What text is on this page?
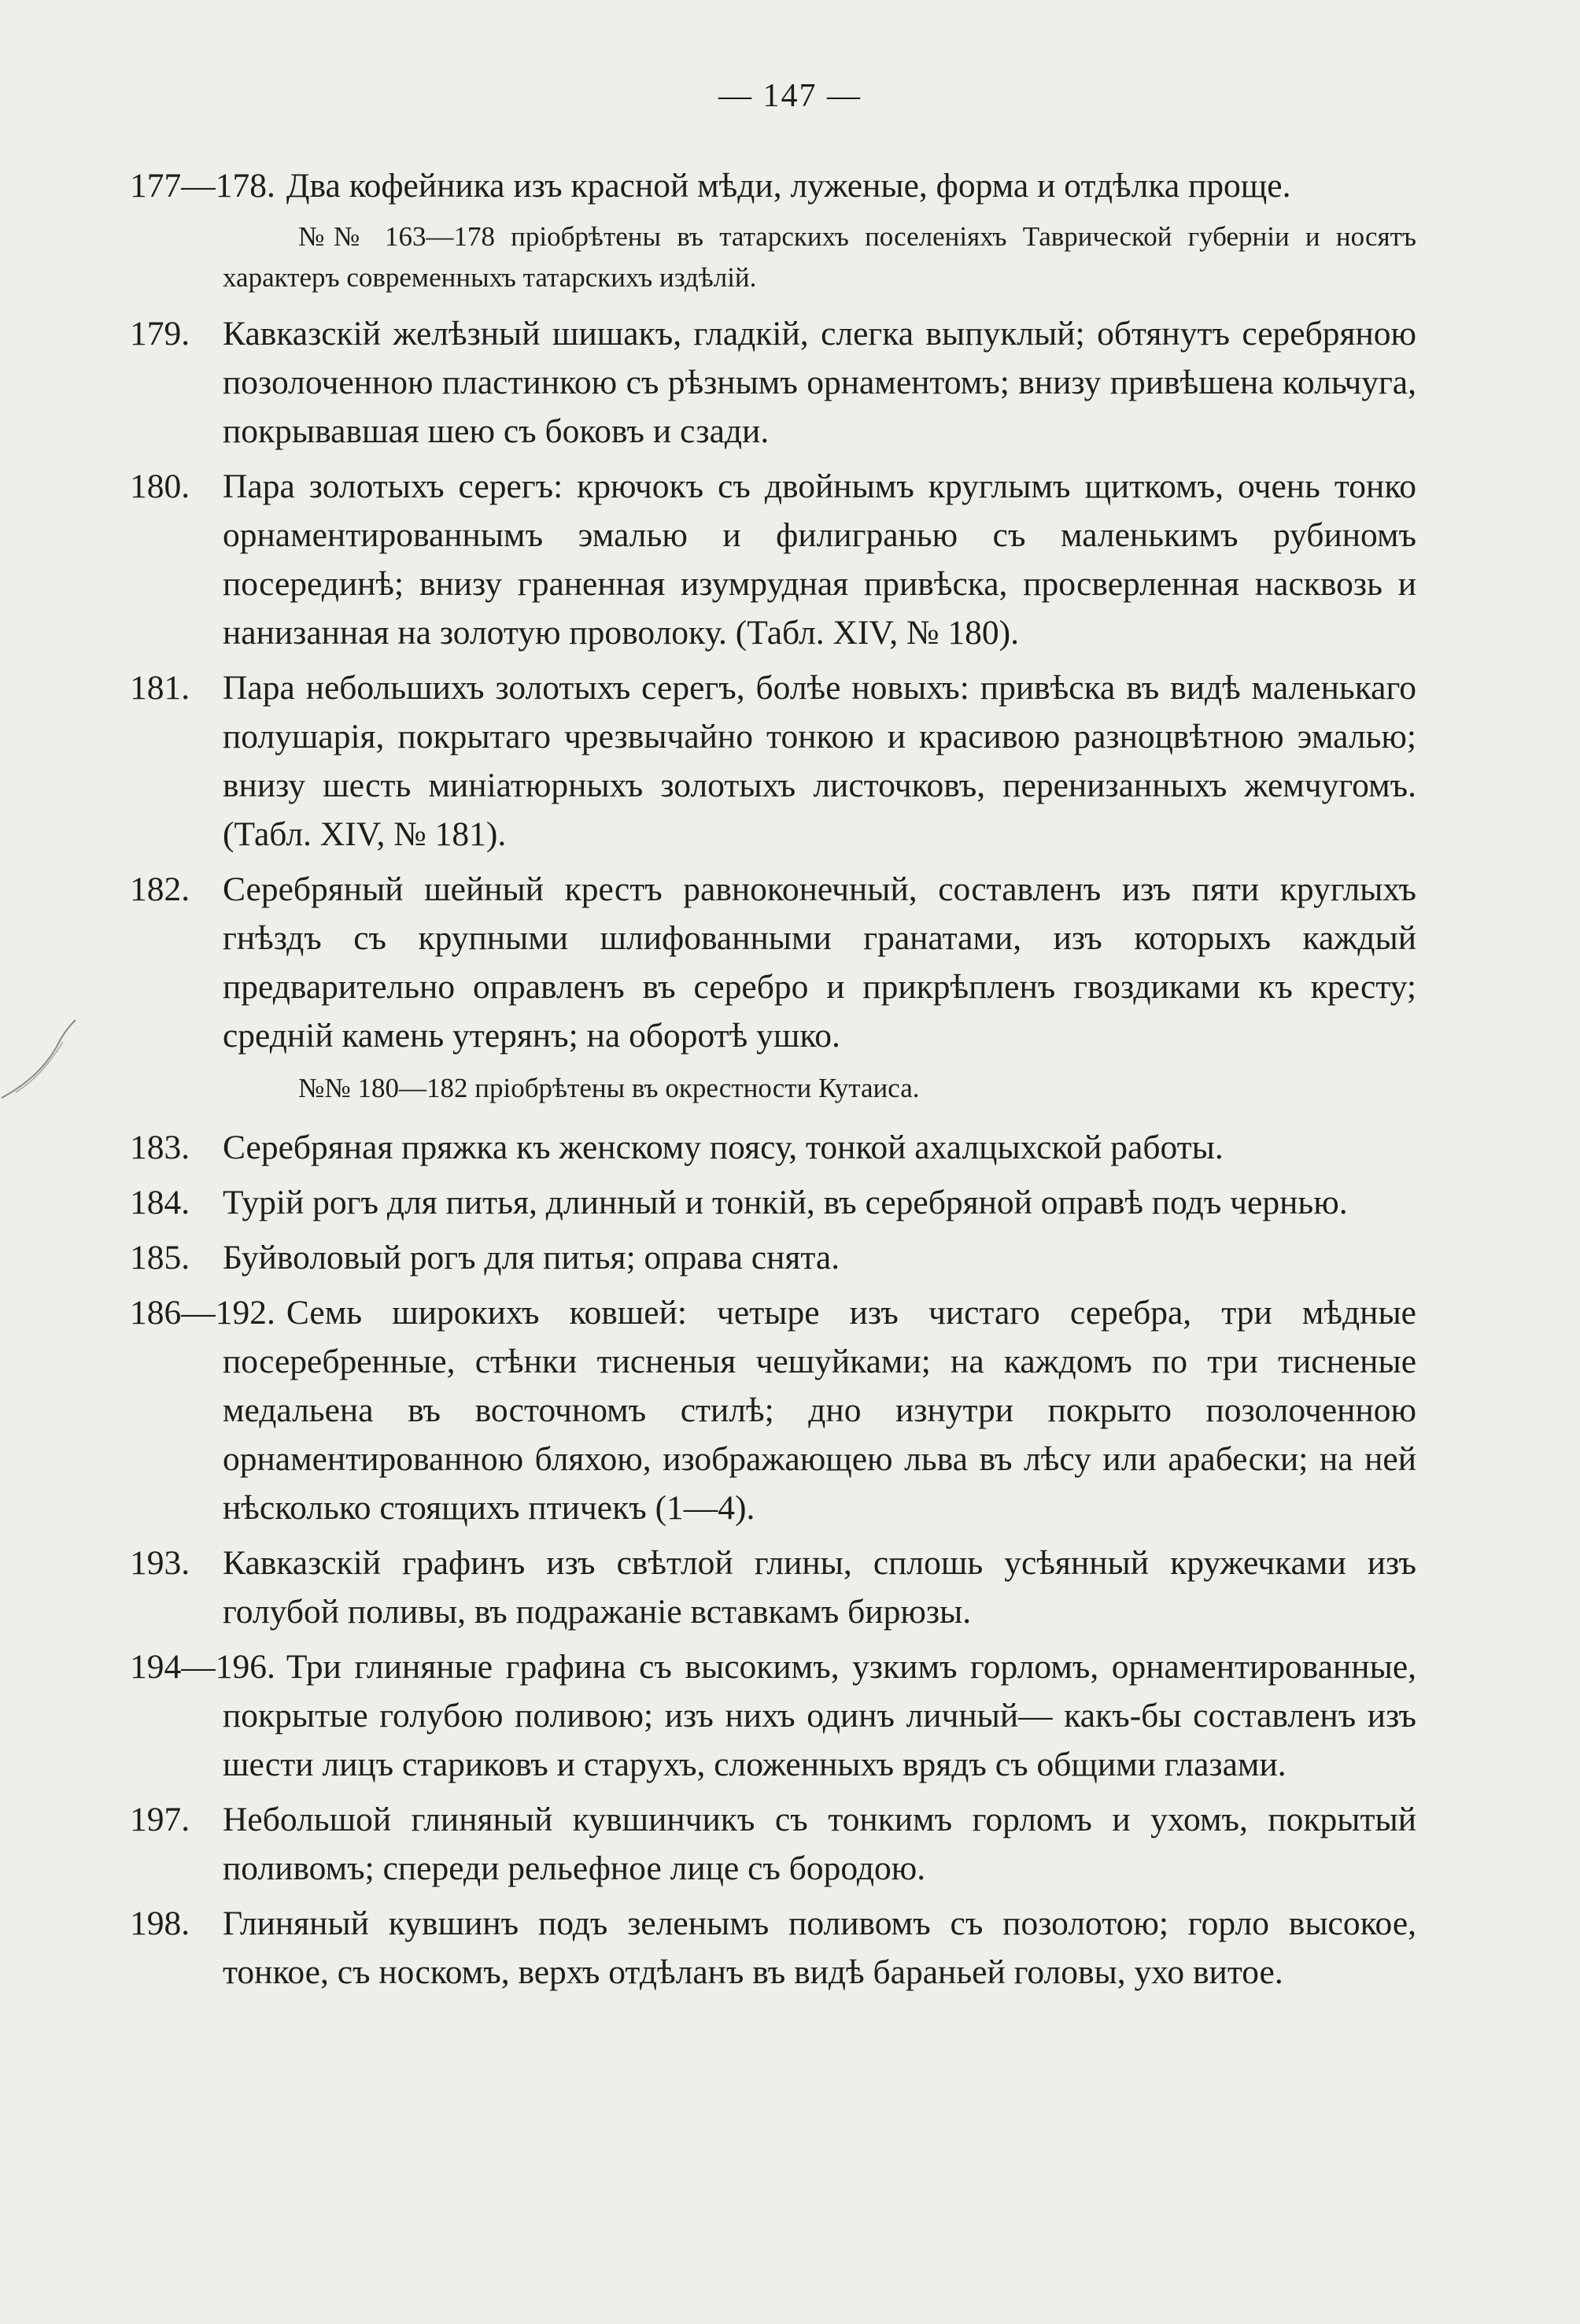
— 147 —
177—178. Два кофейника изъ красной мѣди, луженые, форма и отдѣлка проще.
№№ 163—178 пріобрѣтены въ татарскихъ поселеніяхъ Таврической губерніи и носятъ характеръ современныхъ татарскихъ издѣлій.
179. Кавказскій желѣзный шишакъ, гладкій, слегка выпуклый; обтянутъ серебряною позолоченною пластинкою съ рѣзнымъ орнаментомъ; внизу привѣшена кольчуга, покрывавшая шею съ боковъ и сзади.
180. Пара золотыхъ серегъ: крючокъ съ двойнымъ круглымъ щиткомъ, очень тонко орнаментированнымъ эмалью и филигранью съ маленькимъ рубиномъ посерединѣ; внизу граненная изумрудная привѣска, просверленная насквозь и нанизанная на золотую проволоку. (Табл. XIV, № 180).
181. Пара небольшихъ золотыхъ серегъ, болѣе новыхъ: привѣска въ видѣ маленькаго полушарія, покрытаго чрезвычайно тонкою и красивою разноцвѣтною эмалью; внизу шесть миніатюрныхъ золотыхъ листочковъ, перенизанныхъ жемчугомъ. (Табл. XIV, № 181).
182. Серебряный шейный крестъ равноконечный, составленъ изъ пяти круглыхъ гнѣздъ съ крупными шлифованными гранатами, изъ которыхъ каждый предварительно оправленъ въ серебро и прикрѣпленъ гвоздиками къ кресту; средній камень утерянъ; на оборотѣ ушко.
№№ 180—182 пріобрѣтены въ окрестности Кутаиса.
183. Серебряная пряжка къ женскому поясу, тонкой ахалцыхской работы.
184. Турій рогъ для питья, длинный и тонкій, въ серебряной оправѣ подъ чернью.
185. Буйволовый рогъ для питья; оправа снята.
186—192. Семь широкихъ ковшей: четыре изъ чистаго серебра, три мѣдные посеребренные, стѣнки тисненыя чешуйками; на каждомъ по три тисненые медальена въ восточномъ стилѣ; дно изнутри покрыто позолоченною орнаментированною бляхою, изображающею льва въ лѣсу или арабески; на ней нѣсколько стоящихъ птичекъ (1—4).
193. Кавказскій графинъ изъ свѣтлой глины, сплошь усѣянный кружечками изъ голубой поливы, въ подражаніе вставкамъ бирюзы.
194—196. Три глиняные графина съ высокимъ, узкимъ горломъ, орнаментированные, покрытые голубою поливою; изъ нихъ одинъ личный— какъ-бы составленъ изъ шести лицъ стариковъ и старухъ, сложенныхъ врядъ съ общими глазами.
197. Небольшой глиняный кувшинчикъ съ тонкимъ горломъ и ухомъ, покрытый поливомъ; спереди рельефное лице съ бородою.
198. Глиняный кувшинъ подъ зеленымъ поливомъ съ позолотою; горло высокое, тонкое, съ носкомъ, верхъ отдѣланъ въ видѣ бараньей головы, ухо витое.
